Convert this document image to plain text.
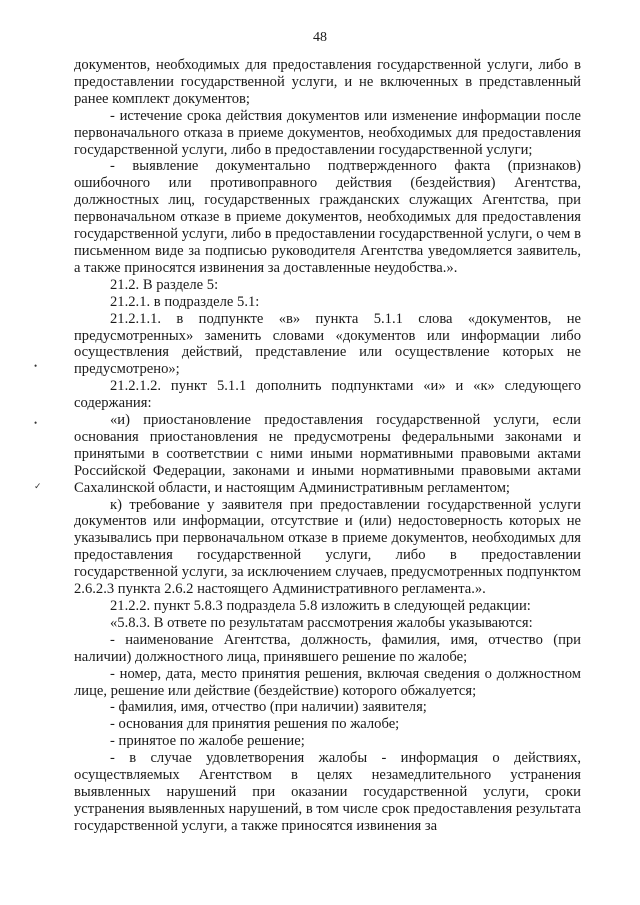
48
•
•
✓

документов, необходимых для предоставления государственной услуги, либо в предоставлении государственной услуги, и не включенных в представленный ранее комплект документов;

- истечение срока действия документов или изменение информации после первоначального отказа в приеме документов, необходимых для предоставления государственной услуги, либо в предоставлении государственной услуги;

- выявление документально подтвержденного факта (признаков) ошибочного или противоправного действия (бездействия) Агентства, должностных лиц, государственных гражданских служащих Агентства, при первоначальном отказе в приеме документов, необходимых для предоставления государственной услуги, либо в предоставлении государственной услуги, о чем в письменном виде за подписью руководителя Агентства уведомляется заявитель, а также приносятся извинения за доставленные неудобства.».

21.2. В разделе 5:

21.2.1. в подразделе 5.1:

21.2.1.1. в подпункте «в» пункта 5.1.1 слова «документов, не предусмотренных» заменить словами «документов или информации либо осуществления действий, представление или осуществление которых не предусмотрено»;

21.2.1.2. пункт 5.1.1 дополнить подпунктами «и» и «к» следующего содержания:

«и) приостановление предоставления государственной услуги, если основания приостановления не предусмотрены федеральными законами и принятыми в соответствии с ними иными нормативными правовыми актами Российской Федерации, законами и иными нормативными правовыми актами Сахалинской области, и настоящим Административным регламентом;

к) требование у заявителя при предоставлении государственной услуги документов или информации, отсутствие и (или) недостоверность которых не указывались при первоначальном отказе в приеме документов, необходимых для предоставления государственной услуги, либо в предоставлении государственной услуги, за исключением случаев, предусмотренных подпунктом 2.6.2.3 пункта 2.6.2 настоящего Административного регламента.».

21.2.2. пункт 5.8.3 подраздела 5.8 изложить в следующей редакции:

«5.8.3. В ответе по результатам рассмотрения жалобы указываются:

- наименование Агентства, должность, фамилия, имя, отчество (при наличии) должностного лица, принявшего решение по жалобе;

- номер, дата, место принятия решения, включая сведения о должностном лице, решение или действие (бездействие) которого обжалуется;

- фамилия, имя, отчество (при наличии) заявителя;

- основания для принятия решения по жалобе;

- принятое по жалобе решение;

- в случае удовлетворения жалобы - информация о действиях, осуществляемых Агентством в целях незамедлительного устранения выявленных нарушений при оказании государственной услуги, сроки устранения выявленных нарушений, в том числе срок предоставления результата государственной услуги, а также приносятся извинения за
